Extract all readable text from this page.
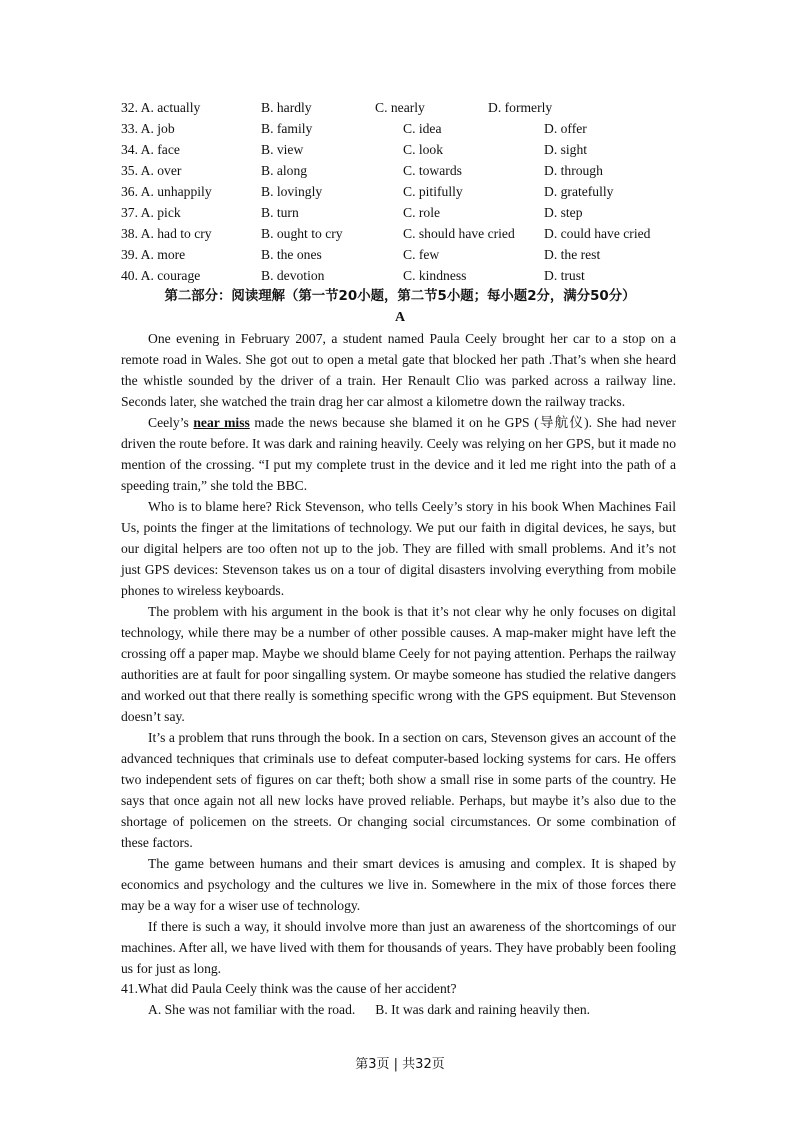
32. A. actually	B. hardly	C. nearly	D. formerly
33. A. job	B. family	C. idea	D. offer
34. A. face	B. view	C. look	D. sight
35. A. over	B. along	C. towards	D. through
36. A. unhappily	B. lovingly	C. pitifully	D. gratefully
37. A. pick	B. turn	C. role	D. step
38. A. had to cry	B. ought to cry	C. should have cried D. could have cried
39. A. more	B. the ones	C. few	D. the rest
40. A. courage	B. devotion	C. kindness	D. trust
第二部分：阅读理解（第一节20小题，第二节5小题；每小题2分，满分50分）
A

One evening in February 2007, a student named Paula Ceely brought her car to a stop on a remote road in Wales. She got out to open a metal gate that blocked her path .That’s when she heard the whistle sounded by the driver of a train. Her Renault Clio was parked across a railway line. Seconds later, she watched the train drag her car almost a kilometre down the railway tracks.

Ceely’s near miss made the news because she blamed it on he GPS (导航仪). She had never driven the route before. It was dark and raining heavily. Ceely was relying on her GPS, but it made no mention of the crossing. “I put my complete trust in the device and it led me right into the path of a speeding train,” she told the BBC.

Who is to blame here? Rick Stevenson, who tells Ceely’s story in his book When Machines Fail Us, points the finger at the limitations of technology. We put our faith in digital devices, he says, but our digital helpers are too often not up to the job. They are filled with small problems. And it’s not just GPS devices: Stevenson takes us on a tour of digital disasters involving everything from mobile phones to wireless keyboards.

The problem with his argument in the book is that it’s not clear why he only focuses on digital technology, while there may be a number of other possible causes. A map-maker might have left the crossing off a paper map. Maybe we should blame Ceely for not paying attention. Perhaps the railway authorities are at fault for poor singalling system. Or maybe someone has studied the relative dangers and worked out that there really is something specific wrong with the GPS equipment. But Stevenson doesn’t say.

It’s a problem that runs through the book. In a section on cars, Stevenson gives an account of the advanced techniques that criminals use to defeat computer-based locking systems for cars. He offers two independent sets of figures on car theft; both show a small rise in some parts of the country. He says that once again not all new locks have proved reliable. Perhaps, but maybe it’s also due to the shortage of policemen on the streets. Or changing social circumstances. Or some combination of these factors.

The game between humans and their smart devices is amusing and complex. It is shaped by economics and psychology and the cultures we live in. Somewhere in the mix of those forces there may be a way for a wiser use of technology.

If there is such a way, it should involve more than just an awareness of the shortcomings of our machines. After all, we have lived with them for thousands of years. They have probably been fooling us for just as long.

41.What did Paula Ceely think was the cause of her accident?
A. She was not familiar with the road. B. It was dark and raining heavily then.
第3页 | 共32页
